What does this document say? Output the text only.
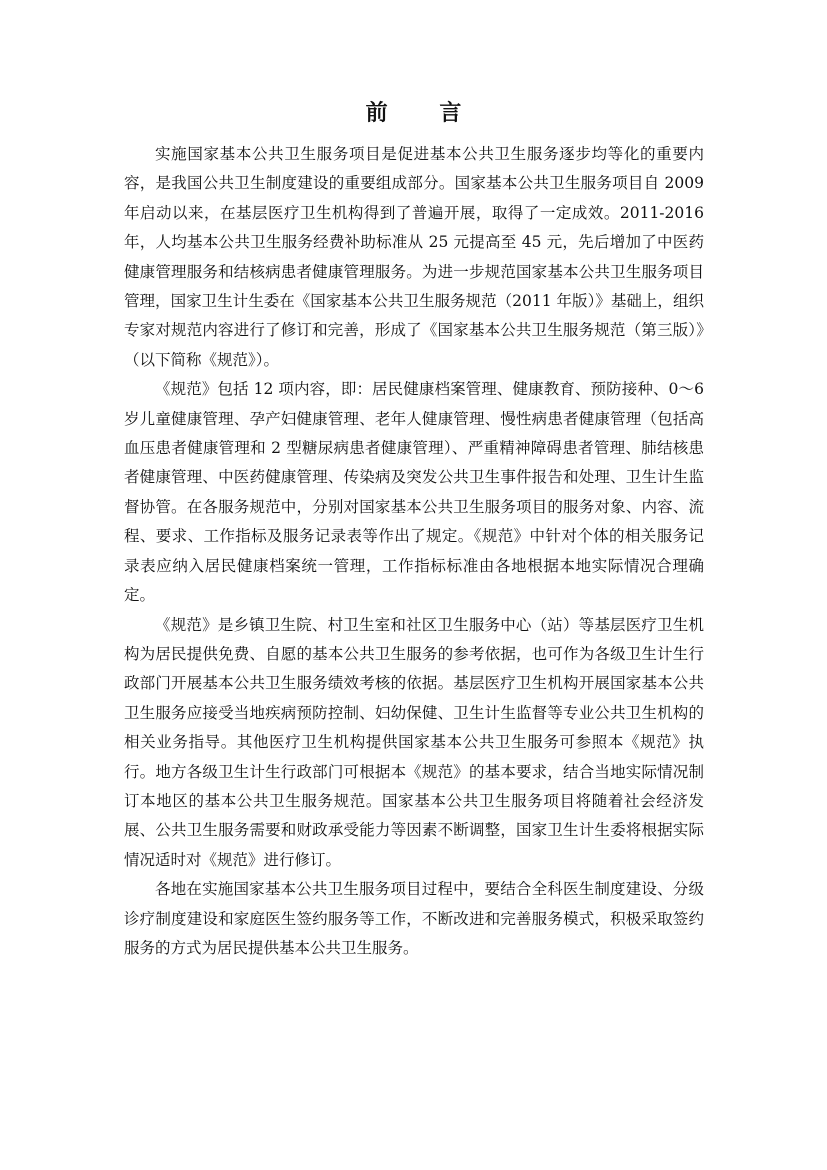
前 言

实施国家基本公共卫生服务项目是促进基本公共卫生服务逐步均等化的重要内容，是我国公共卫生制度建设的重要组成部分。国家基本公共卫生服务项目自 2009 年启动以来，在基层医疗卫生机构得到了普遍开展，取得了一定成效。2011-2016 年，人均基本公共卫生服务经费补助标准从 25 元提高至 45 元，先后增加了中医药健康管理服务和结核病患者健康管理服务。为进一步规范国家基本公共卫生服务项目管理，国家卫生计生委在《国家基本公共卫生服务规范（2011 年版）》基础上，组织专家对规范内容进行了修订和完善，形成了《国家基本公共卫生服务规范（第三版）》（以下简称《规范》）。

《规范》包括 12 项内容，即：居民健康档案管理、健康教育、预防接种、0～6 岁儿童健康管理、孕产妇健康管理、老年人健康管理、慢性病患者健康管理（包括高血压患者健康管理和 2 型糖尿病患者健康管理）、严重精神障碍患者管理、肺结核患者健康管理、中医药健康管理、传染病及突发公共卫生事件报告和处理、卫生计生监督协管。在各服务规范中，分别对国家基本公共卫生服务项目的服务对象、内容、流程、要求、工作指标及服务记录表等作出了规定。《规范》中针对个体的相关服务记录表应纳入居民健康档案统一管理，工作指标标准由各地根据本地实际情况合理确定。

《规范》是乡镇卫生院、村卫生室和社区卫生服务中心（站）等基层医疗卫生机构为居民提供免费、自愿的基本公共卫生服务的参考依据，也可作为各级卫生计生行政部门开展基本公共卫生服务绩效考核的依据。基层医疗卫生机构开展国家基本公共卫生服务应接受当地疾病预防控制、妇幼保健、卫生计生监督等专业公共卫生机构的相关业务指导。其他医疗卫生机构提供国家基本公共卫生服务可参照本《规范》执行。地方各级卫生计生行政部门可根据本《规范》的基本要求，结合当地实际情况制订本地区的基本公共卫生服务规范。国家基本公共卫生服务项目将随着社会经济发展、公共卫生服务需要和财政承受能力等因素不断调整，国家卫生计生委将根据实际情况适时对《规范》进行修订。

各地在实施国家基本公共卫生服务项目过程中，要结合全科医生制度建设、分级诊疗制度建设和家庭医生签约服务等工作，不断改进和完善服务模式，积极采取签约服务的方式为居民提供基本公共卫生服务。
